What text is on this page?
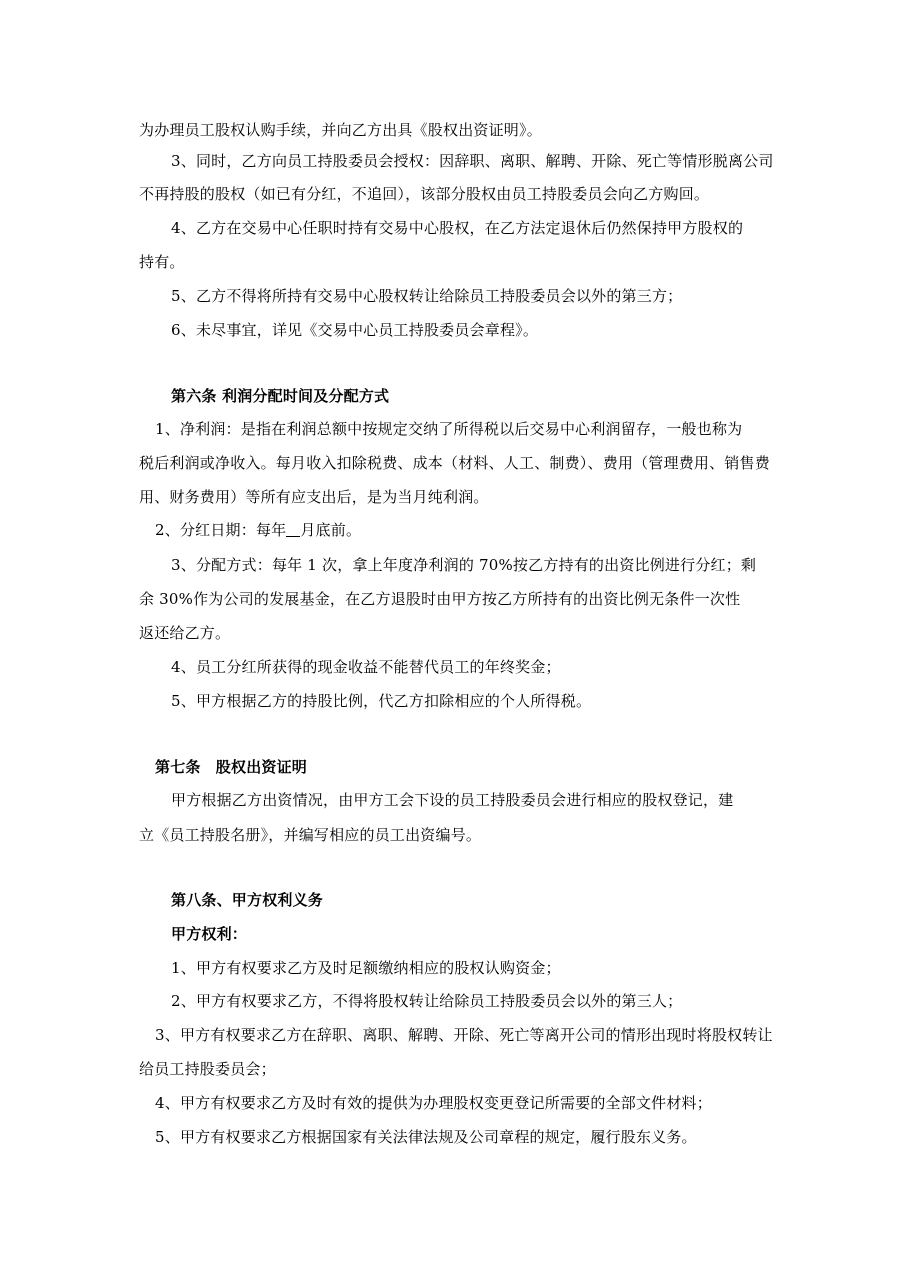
为办理员工股权认购手续，并向乙方出具《股权出资证明》。
3、同时，乙方向员工持股委员会授权：因辞职、离职、解聘、开除、死亡等情形脱离公司
不再持股的股权（如已有分红，不追回），该部分股权由员工持股委员会向乙方购回。
4、乙方在交易中心任职时持有交易中心股权，在乙方法定退休后仍然保持甲方股权的
持有。
5、乙方不得将所持有交易中心股权转让给除员工持股委员会以外的第三方；
6、未尽事宜，详见《交易中心员工持股委员会章程》。
第六条 利润分配时间及分配方式
1、净利润：是指在利润总额中按规定交纳了所得税以后交易中心利润留存，一般也称为
税后利润或净收入。每月收入扣除税费、成本（材料、人工、制费）、费用（管理费用、销售费
用、财务费用）等所有应支出后，是为当月纯利润。
2、分红日期：每年 月底前。
3、分配方式：每年 1 次，拿上年度净利润的 70%按乙方持有的出资比例进行分红；剩
余 30%作为公司的发展基金，在乙方退股时由甲方按乙方所持有的出资比例无条件一次性
返还给乙方。
4、员工分红所获得的现金收益不能替代员工的年终奖金；
5、甲方根据乙方的持股比例，代乙方扣除相应的个人所得税。
第七条　股权出资证明
甲方根据乙方出资情况，由甲方工会下设的员工持股委员会进行相应的股权登记，建
立《员工持股名册》，并编写相应的员工出资编号。
第八条、甲方权利义务
甲方权利：
1、甲方有权要求乙方及时足额缴纳相应的股权认购资金；
2、甲方有权要求乙方，不得将股权转让给除员工持股委员会以外的第三人；
3、甲方有权要求乙方在辞职、离职、解聘、开除、死亡等离开公司的情形出现时将股权转让
给员工持股委员会；
4、甲方有权要求乙方及时有效的提供为办理股权变更登记所需要的全部文件材料；
5、甲方有权要求乙方根据国家有关法律法规及公司章程的规定，履行股东义务。
